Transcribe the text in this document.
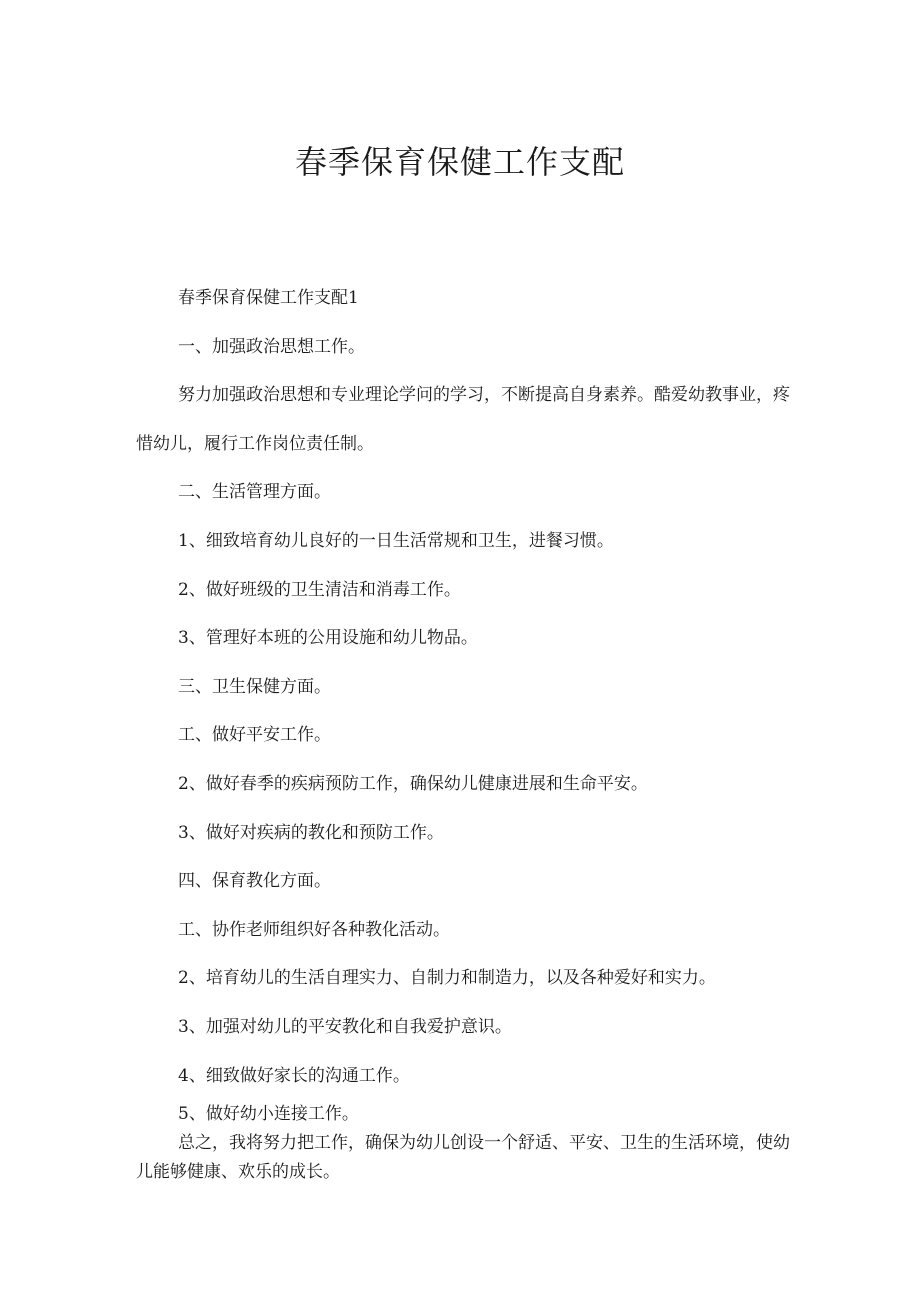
春季保育保健工作支配

春季保育保健工作支配1

一、加强政治思想工作。

努力加强政治思想和专业理论学问的学习，不断提高自身素养。酷爱幼教事业，疼惜幼儿，履行工作岗位责任制。

二、生活管理方面。

1、细致培育幼儿良好的一日生活常规和卫生，进餐习惯。

2、做好班级的卫生清洁和消毒工作。

3、管理好本班的公用设施和幼儿物品。

三、卫生保健方面。

工、做好平安工作。

2、做好春季的疾病预防工作，确保幼儿健康进展和生命平安。

3、做好对疾病的教化和预防工作。

四、保育教化方面。

工、协作老师组织好各种教化活动。

2、培育幼儿的生活自理实力、自制力和制造力，以及各种爱好和实力。

3、加强对幼儿的平安教化和自我爱护意识。

4、细致做好家长的沟通工作。

5、做好幼小连接工作。

总之，我将努力把工作，确保为幼儿创设一个舒适、平安、卫生的生活环境，使幼儿能够健康、欢乐的成长。
